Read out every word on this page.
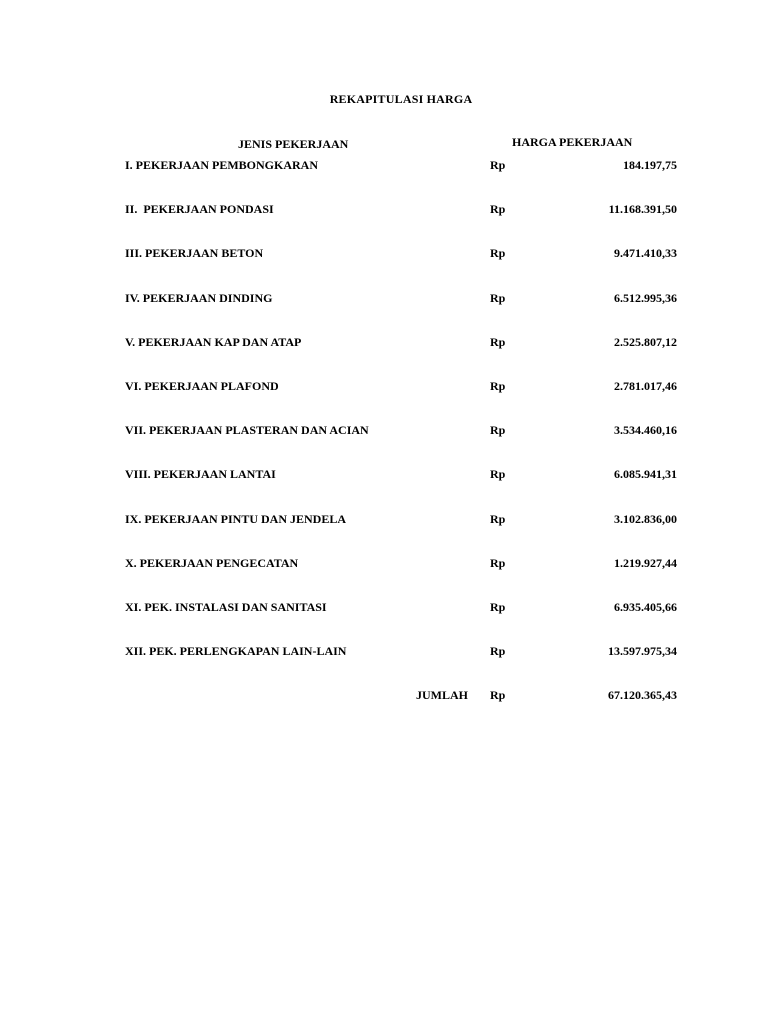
REKAPITULASI HARGA
JENIS PEKERJAAN	HARGA PEKERJAAN
I. PEKERJAAN PEMBONGKARAN	Rp	184.197,75
II.  PEKERJAAN PONDASI	Rp	11.168.391,50
III. PEKERJAAN BETON	Rp	9.471.410,33
IV. PEKERJAAN DINDING	Rp	6.512.995,36
V. PEKERJAAN KAP DAN ATAP	Rp	2.525.807,12
VI. PEKERJAAN PLAFOND	Rp	2.781.017,46
VII. PEKERJAAN PLASTERAN DAN ACIAN	Rp	3.534.460,16
VIII. PEKERJAAN LANTAI	Rp	6.085.941,31
IX. PEKERJAAN PINTU DAN JENDELA	Rp	3.102.836,00
X. PEKERJAAN PENGECATAN	Rp	1.219.927,44
XI. PEK. INSTALASI DAN SANITASI	Rp	6.935.405,66
XII. PEK. PERLENGKAPAN LAIN-LAIN	Rp	13.597.975,34
JUMLAH Rp	67.120.365,43
